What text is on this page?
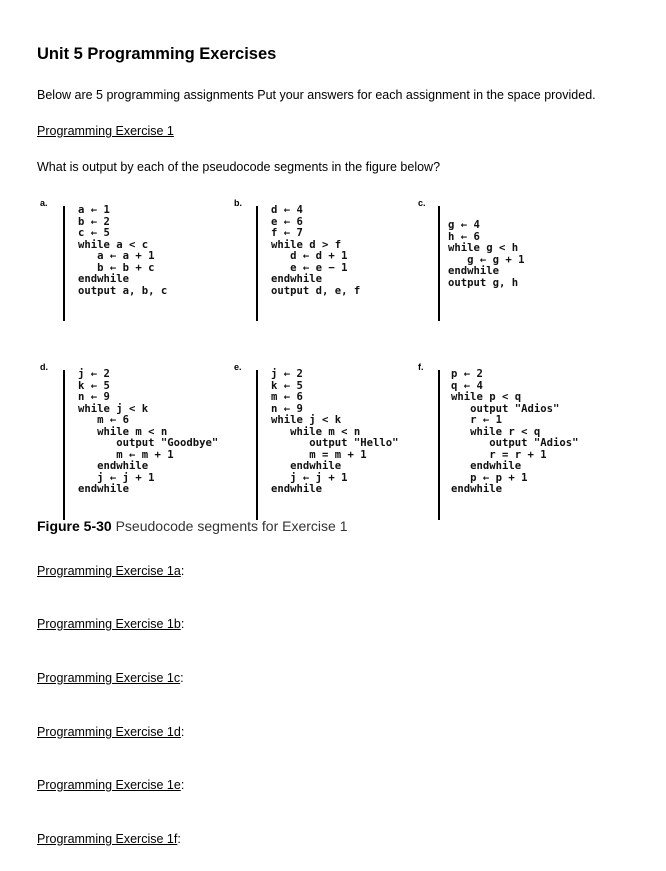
Unit 5 Programming Exercises

Below are 5 programming assignments Put your answers for each assignment in the space provided.

Programming Exercise 1

What is output by each of the pseudocode segments in the figure below?

a.
a ← 1
b ← 2
c ← 5
while a < c
a ← a + 1
b ← b + c
endwhile
output a, b, c
b.
d ← 4
e ← 6
f ← 7
while d > f
d ← d + 1
e ← e − 1
endwhile
output d, e, f
c.
g ← 4
h ← 6
while g < h
g ← g + 1
endwhile
output g, h
d.
j ← 2
k ← 5
n ← 9
while j < k
m ← 6
while m < n
output "Goodbye"
m ← m + 1
endwhile
j ← j + 1
endwhile
e.
j ← 2
k ← 5
m ← 6
n ← 9
while j < k
while m < n
output "Hello"
m = m + 1
endwhile
j ← j + 1
endwhile
f.
p ← 2
q ← 4
while p < q
output "Adios"
r ← 1
while r < q
output "Adios"
r = r + 1
endwhile
p ← p + 1
endwhile

Figure 5-30 Pseudocode segments for Exercise 1

Programming Exercise 1a:

Programming Exercise 1b:

Programming Exercise 1c:

Programming Exercise 1d:

Programming Exercise 1e:

Programming Exercise 1f:
